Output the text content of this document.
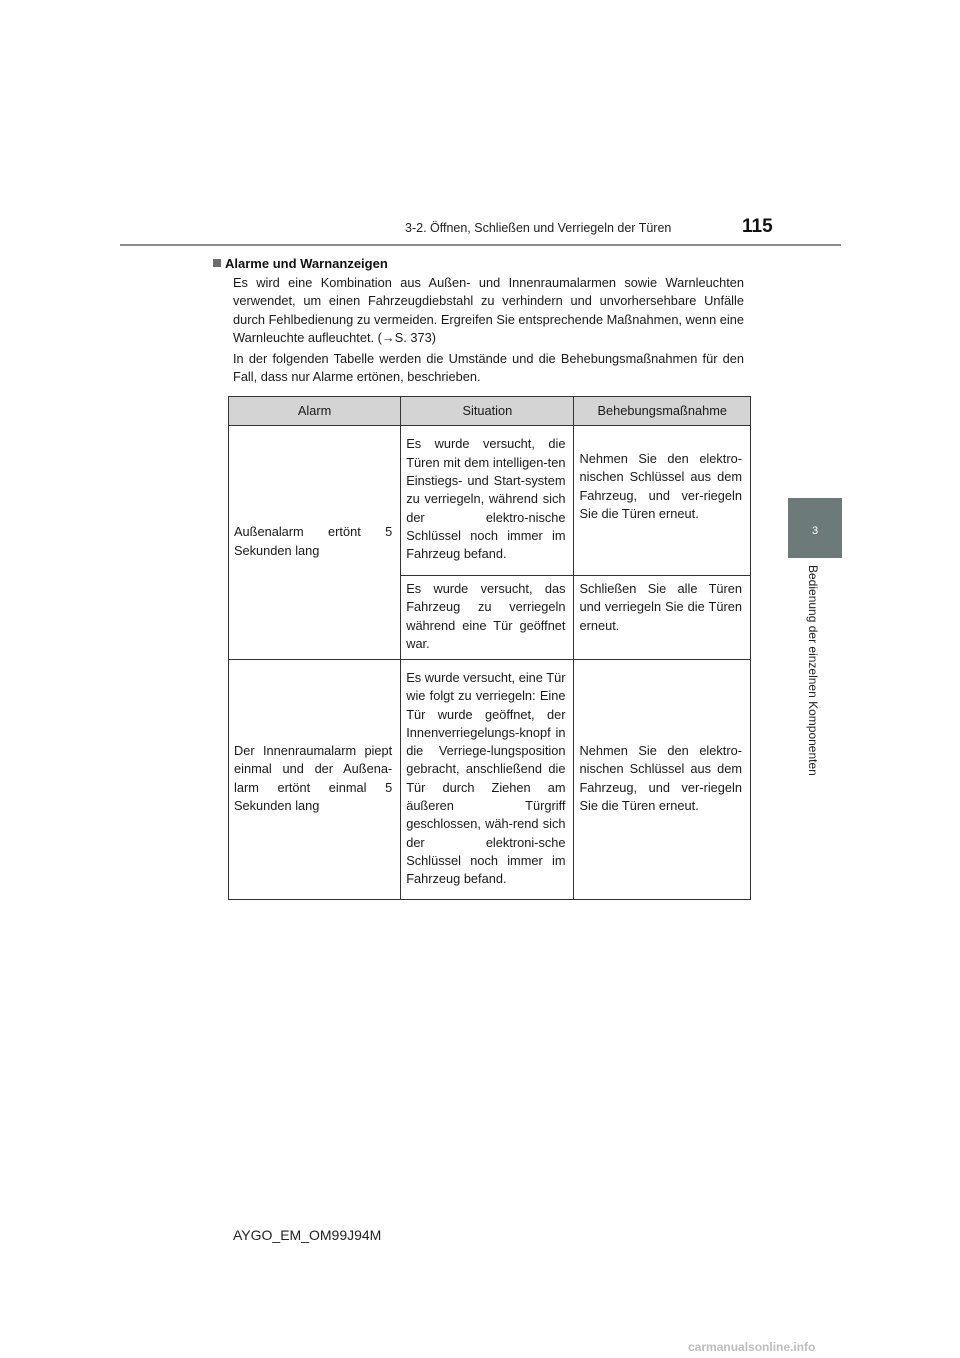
3-2. Öffnen, Schließen und Verriegeln der Türen	115
3
Bedienung der einzelnen Komponenten
Alarme und Warnanzeigen

Es wird eine Kombination aus Außen- und Innenraumalarmen sowie Warnleuchten verwendet, um einen Fahrzeugdiebstahl zu verhindern und unvorhersehbare Unfälle durch Fehlbedienung zu vermeiden. Ergreifen Sie entsprechende Maßnahmen, wenn eine Warnleuchte aufleuchtet. (→S. 373)

In der folgenden Tabelle werden die Umstände und die Behebungsmaßnahmen für den Fall, dass nur Alarme ertönen, beschrieben.

Alarm	Situation	Behebungsmaßnahme
Außenalarm ertönt 5 Sekunden lang	Es wurde versucht, die Türen mit dem intelligen-ten Einstiegs- und Start-system zu verriegeln, während sich der elektro-nische Schlüssel noch immer im Fahrzeug befand.	Nehmen Sie den elektro-nischen Schlüssel aus dem Fahrzeug, und ver-riegeln Sie die Türen erneut.
	Es wurde versucht, das Fahrzeug zu verriegeln während eine Tür geöffnet war.	Schließen Sie alle Türen und verriegeln Sie die Türen erneut.
Der Innenraumalarm piept einmal und der Außena-larm ertönt einmal 5 Sekunden lang	Es wurde versucht, eine Tür wie folgt zu verriegeln: Eine Tür wurde geöffnet, der Innenverriegelungs-knopf in die Verriege-lungsposition gebracht, anschließend die Tür durch Ziehen am äußeren Türgriff geschlossen, wäh-rend sich der elektroni-sche Schlüssel noch immer im Fahrzeug befand.	Nehmen Sie den elektro-nischen Schlüssel aus dem Fahrzeug, und ver-riegeln Sie die Türen erneut.
AYGO_EM_OM99J94M
carmanualsonline.info
